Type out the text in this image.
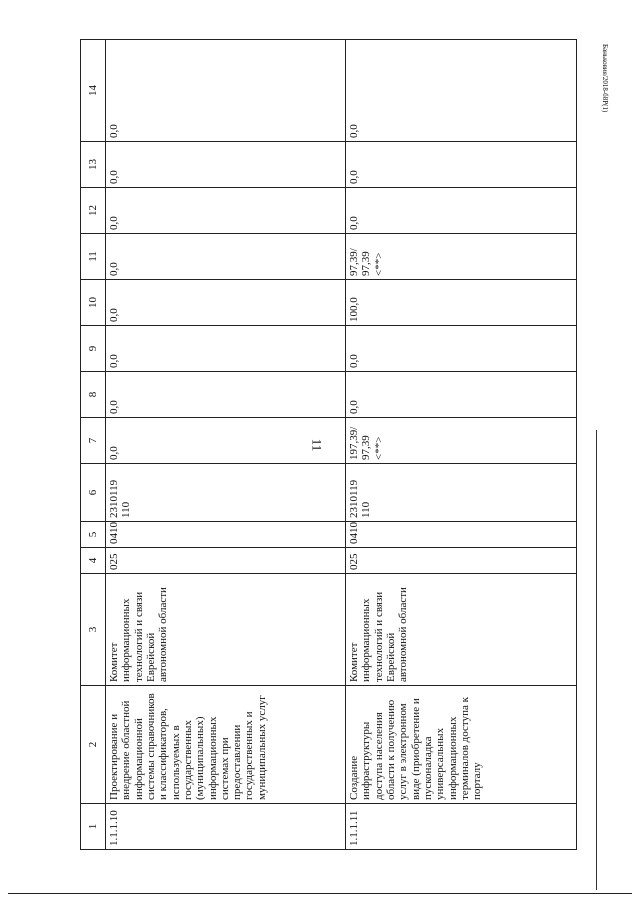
11
Баньковия/2018-б8Р(1)
1	2	3	4	5	6	7	8	9	10	11	12	13	14
1.1.1.10	Проектирование и внедрение областной информационной системы справочников и классификаторов, используемых в государственных (муниципальных) информационных системах при предоставлении государственных и муниципальных услуг	Комитет информационных технологий и связи Еврейской автономной области	025	0410	2310119 110	0,0	0,0	0,0	0,0	0,0	0,0	0,0	0,0
1.1.1.11	Создание инфраструктуры доступа населения области к получению услуг в электронном виде (приобретение и пусконаладка универсальных информационных терминалов доступа к порталу	Комитет информационных технологий и связи Еврейской автономной области	025	0410	2310119 110	197,39/ 97,39 <**>	0,0	0,0	100,0	97,39/ 97,39 <**>	0,0	0,0	0,0
